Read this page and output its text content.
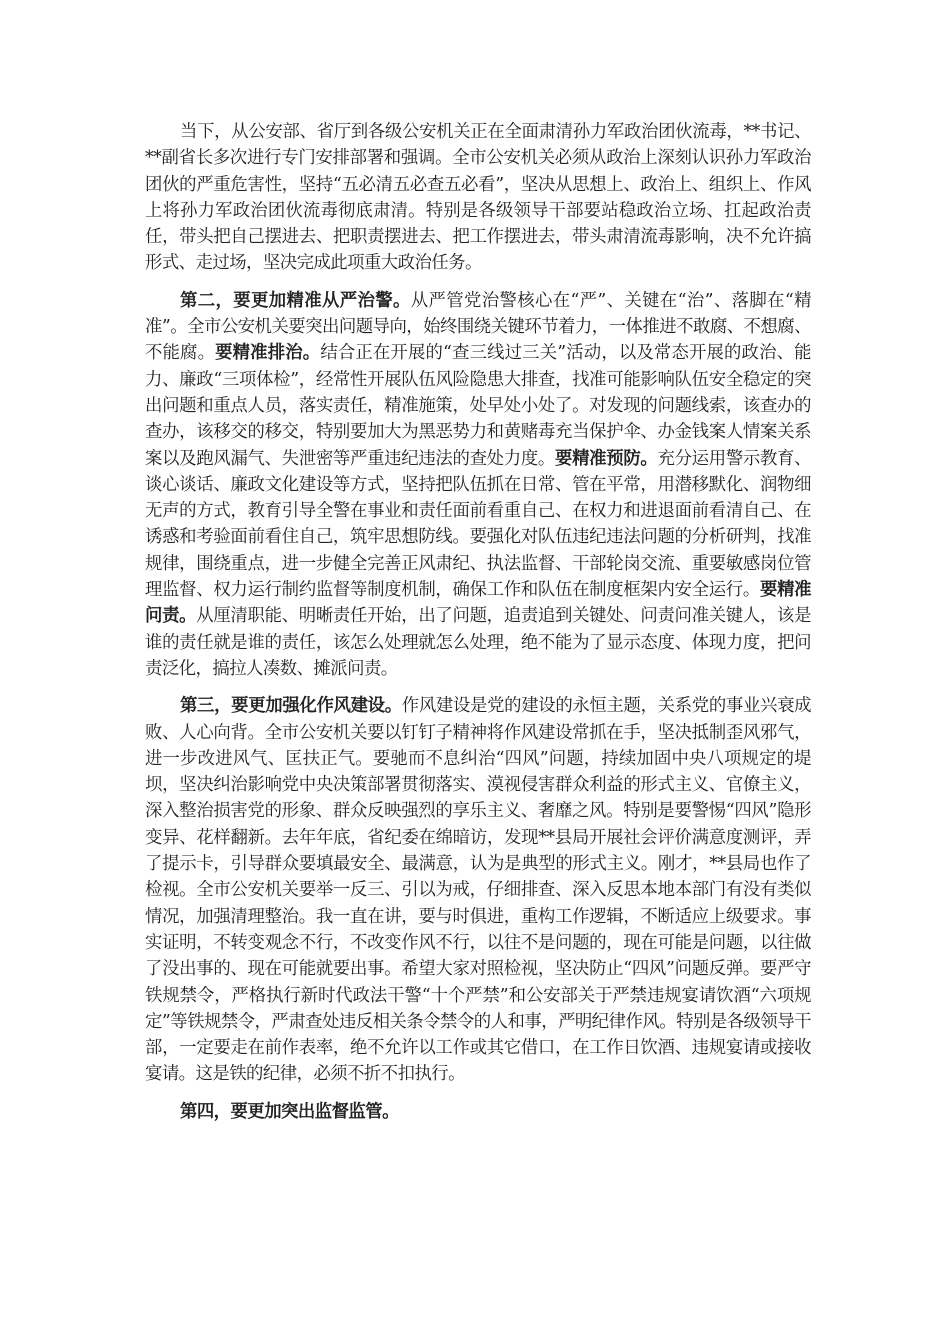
当下，从公安部、省厅到各级公安机关正在全面肃清孙力军政治团伙流毒，**书记、**副省长多次进行专门安排部署和强调。全市公安机关必须从政治上深刻认识孙力军政治团伙的严重危害性，坚持“五必清五必查五必看”，坚决从思想上、政治上、组织上、作风上将孙力军政治团伙流毒彻底肃清。特别是各级领导干部要站稳政治立场、扛起政治责任，带头把自己摆进去、把职责摆进去、把工作摆进去，带头肃清流毒影响，决不允许搞形式、走过场，坚决完成此项重大政治任务。

第二，要更加精准从严治警。从严管党治警核心在“严”、关键在“治”、落脚在“精准”。全市公安机关要突出问题导向，始终围绕关键环节着力，一体推进不敢腐、不想腐、不能腐。要精准排治。结合正在开展的“查三线过三关”活动，以及常态开展的政治、能力、廉政“三项体检”，经常性开展队伍风险隐患大排查，找准可能影响队伍安全稳定的突出问题和重点人员，落实责任，精准施策，处早处小处了。对发现的问题线索，该查办的查办，该移交的移交，特别要加大为黑恶势力和黄赌毒充当保护伞、办金钱案人情案关系案以及跑风漏气、失泄密等严重违纪违法的查处力度。要精准预防。充分运用警示教育、谈心谈话、廉政文化建设等方式，坚持把队伍抓在日常、管在平常，用潜移默化、润物细无声的方式，教育引导全警在事业和责任面前看重自己、在权力和进退面前看清自己、在诱惑和考验面前看住自己，筑牢思想防线。要强化对队伍违纪违法问题的分析研判，找准规律，围绕重点，进一步健全完善正风肃纪、执法监督、干部轮岗交流、重要敏感岗位管理监督、权力运行制约监督等制度机制，确保工作和队伍在制度框架内安全运行。要精准问责。从厘清职能、明晰责任开始，出了问题，追责追到关键处、问责问准关键人，该是谁的责任就是谁的责任，该怎么处理就怎么处理，绝不能为了显示态度、体现力度，把问责泛化，搞拉人凑数、摊派问责。

第三，要更加强化作风建设。作风建设是党的建设的永恒主题，关系党的事业兴衰成败、人心向背。全市公安机关要以钉钉子精神将作风建设常抓在手，坚决抵制歪风邪气，进一步改进风气、匡扶正气。要驰而不息纠治“四风”问题，持续加固中央八项规定的堤坝，坚决纠治影响党中央决策部署贯彻落实、漠视侵害群众利益的形式主义、官僚主义，深入整治损害党的形象、群众反映强烈的享乐主义、奢靡之风。特别是要警惕“四风”隐形变异、花样翻新。去年年底，省纪委在绵暗访，发现**县局开展社会评价满意度测评，弄了提示卡，引导群众要填最安全、最满意，认为是典型的形式主义。刚才，**县局也作了检视。全市公安机关要举一反三、引以为戒，仔细排查、深入反思本地本部门有没有类似情况，加强清理整治。我一直在讲，要与时俱进，重构工作逻辑，不断适应上级要求。事实证明，不转变观念不行，不改变作风不行，以往不是问题的，现在可能是问题，以往做了没出事的、现在可能就要出事。希望大家对照检视，坚决防止“四风”问题反弹。要严守铁规禁令，严格执行新时代政法干警“十个严禁”和公安部关于严禁违规宴请饮酒“六项规定”等铁规禁令，严肃查处违反相关条令禁令的人和事，严明纪律作风。特别是各级领导干部，一定要走在前作表率，绝不允许以工作或其它借口，在工作日饮酒、违规宴请或接收宴请。这是铁的纪律，必须不折不扣执行。

第四，要更加突出监督监管。
